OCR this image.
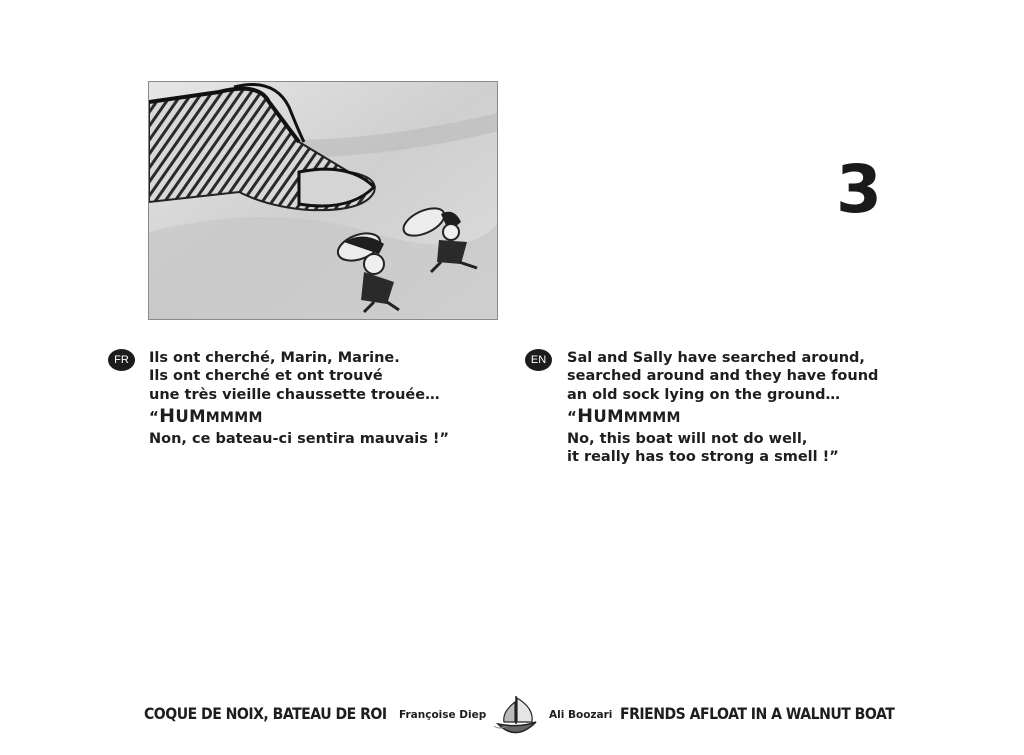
3
FR	Ils ont cherché, Marin, Marine.
Ils ont cherché et ont trouvé
une très vieille chaussette trouée…
“HUMMMMM
Non, ce bateau-ci sentira mauvais !”
EN	Sal and Sally have searched around,
searched around and they have found
an old sock lying on the ground…
“HUMMMMM
No, this boat will not do well,
it really has too strong a smell !”
COQUE DE NOIX, BATEAU DE ROI Françoise Diep	Ali Boozari FRIENDS AFLOAT IN A WALNUT BOAT
